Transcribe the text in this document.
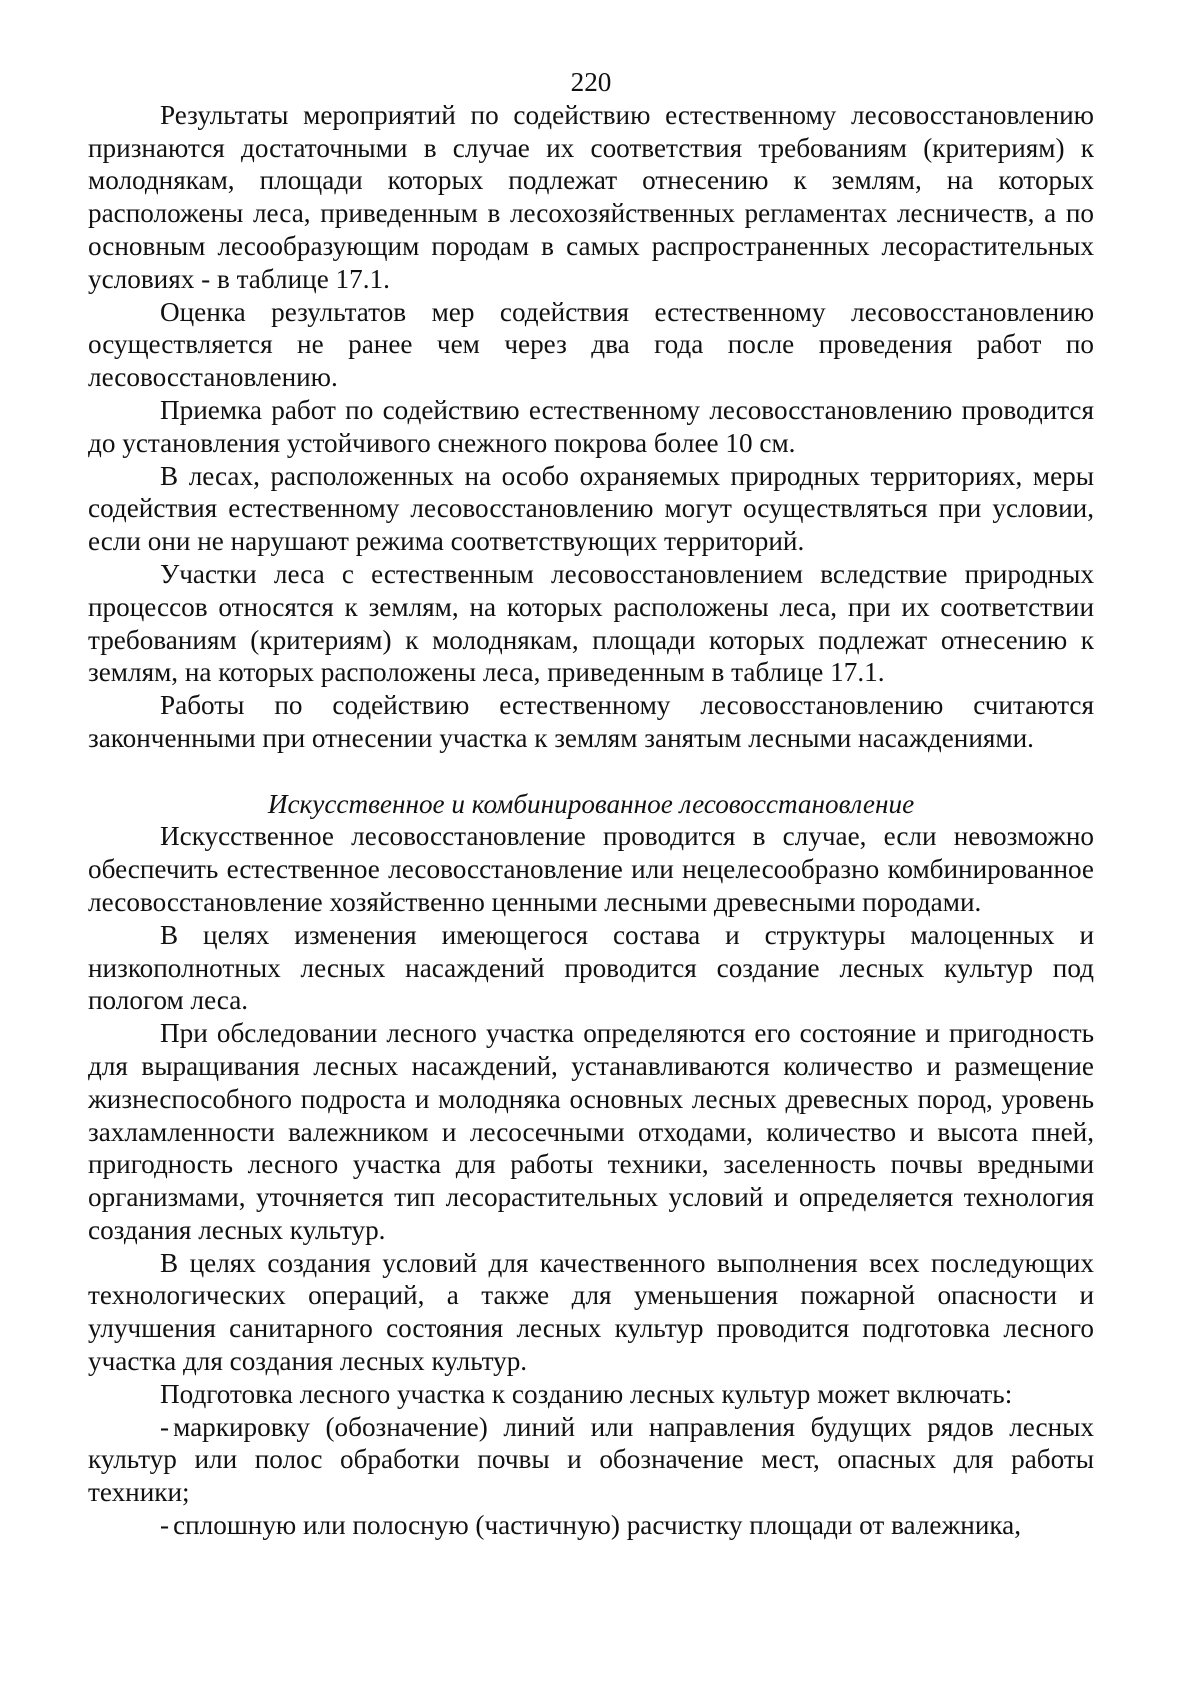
220

Результаты мероприятий по содействию естественному лесовосстановлению признаются достаточными в случае их соответствия требованиям (критериям) к молоднякам, площади которых подлежат отнесению к землям, на которых расположены леса, приведенным в лесохозяйственных регламентах лесничеств, а по основным лесообразующим породам в самых распространенных лесорастительных условиях - в таблице 17.1.

Оценка результатов мер содействия естественному лесовосстановлению осуществляется не ранее чем через два года после проведения работ по лесовосстановлению.

Приемка работ по содействию естественному лесовосстановлению проводится до установления устойчивого снежного покрова более 10 см.

В лесах, расположенных на особо охраняемых природных территориях, меры содействия естественному лесовосстановлению могут осуществляться при условии, если они не нарушают режима соответствующих территорий.

Участки леса с естественным лесовосстановлением вследствие природных процессов относятся к землям, на которых расположены леса, при их соответствии требованиям (критериям) к молоднякам, площади которых подлежат отнесению к землям, на которых расположены леса, приведенным в таблице 17.1.

Работы по содействию естественному лесовосстановлению считаются законченными при отнесении участка к землям занятым лесными насаждениями.

Искусственное и комбинированное лесовосстановление

Искусственное лесовосстановление проводится в случае, если невозможно обеспечить естественное лесовосстановление или нецелесообразно комбинированное лесовосстановление хозяйственно ценными лесными древесными породами.

В целях изменения имеющегося состава и структуры малоценных и низкополнотных лесных насаждений проводится создание лесных культур под пологом леса.

При обследовании лесного участка определяются его состояние и пригодность для выращивания лесных насаждений, устанавливаются количество и размещение жизнеспособного подроста и молодняка основных лесных древесных пород, уровень захламленности валежником и лесосечными отходами, количество и высота пней, пригодность лесного участка для работы техники, заселенность почвы вредными организмами, уточняется тип лесорастительных условий и определяется технология создания лесных культур.

В целях создания условий для качественного выполнения всех последующих технологических операций, а также для уменьшения пожарной опасности и улучшения санитарного состояния лесных культур проводится подготовка лесного участка для создания лесных культур.

Подготовка лесного участка к созданию лесных культур может включать:

- маркировку (обозначение) линий или направления будущих рядов лесных культур или полос обработки почвы и обозначение мест, опасных для работы техники;

- сплошную или полосную (частичную) расчистку площади от валежника,
